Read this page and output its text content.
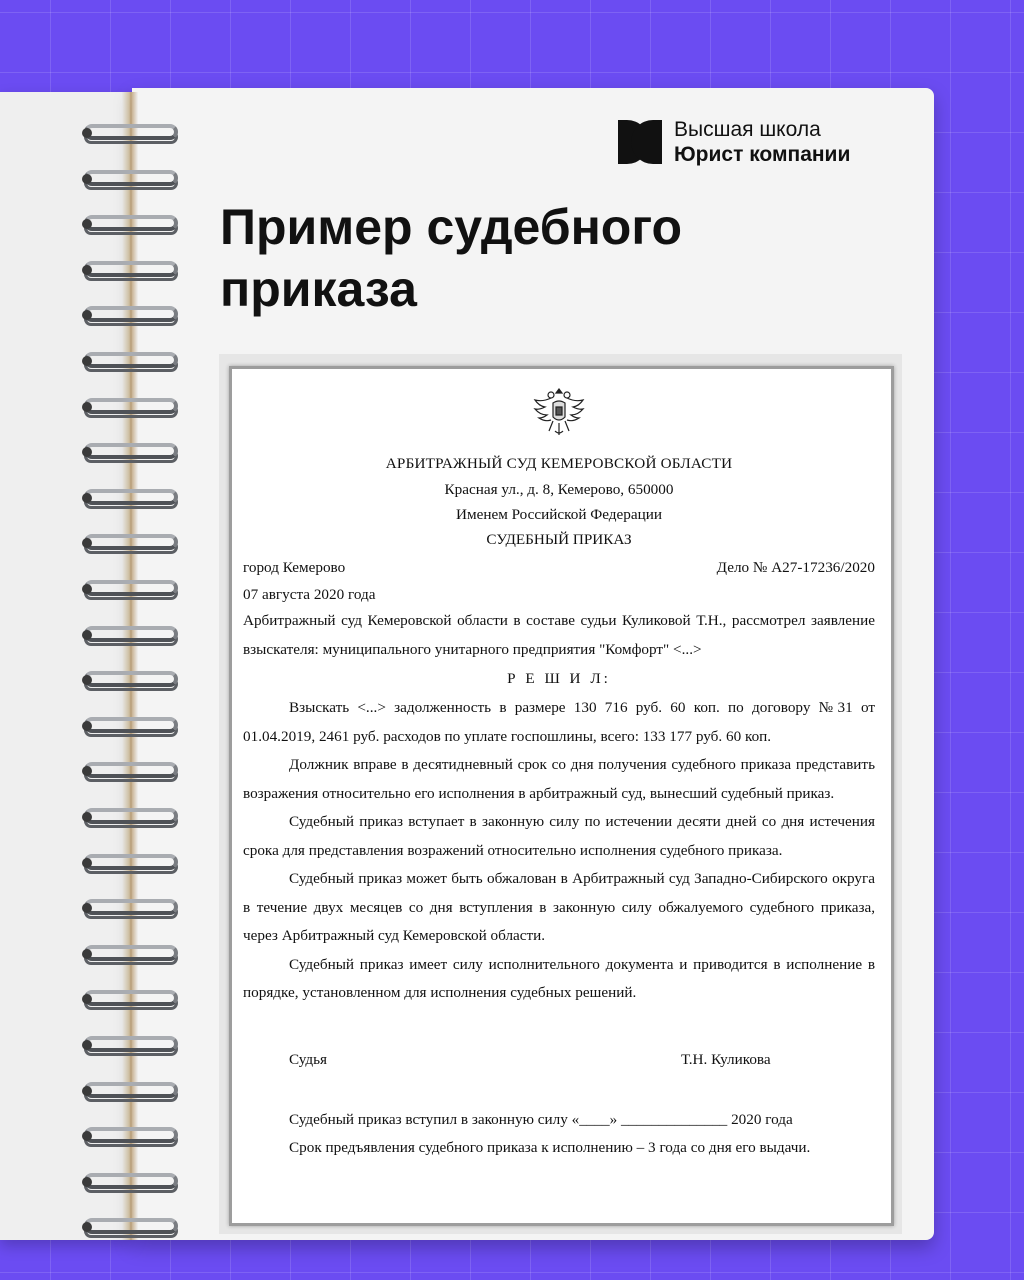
Высшая школа
Юрист компании
Пример судебного приказа
АРБИТРАЖНЫЙ СУД КЕМЕРОВСКОЙ ОБЛАСТИ
Красная ул., д. 8, Кемерово, 650000
Именем Российской Федерации
СУДЕБНЫЙ ПРИКАЗ
город Кемерово	Дело № А27-17236/2020
07 августа 2020 года
Арбитражный суд Кемеровской области в составе судьи Куликовой Т.Н., рассмотрел заявление взыскателя: муниципального унитарного предприятия "Комфорт" <...>
Р Е Ш И Л:
Взыскать <...> задолженность в размере 130 716 руб. 60 коп. по договору №31 от 01.04.2019, 2461 руб. расходов по уплате госпошлины, всего: 133 177 руб. 60 коп.
Должник вправе в десятидневный срок со дня получения судебного приказа представить возражения относительно его исполнения в арбитражный суд, вынесший судебный приказ.
Судебный приказ вступает в законную силу по истечении десяти дней со дня истечения срока для представления возражений относительно исполнения судебного приказа.
Судебный приказ может быть обжалован в Арбитражный суд Западно-Сибирского округа в течение двух месяцев со дня вступления в законную силу обжалуемого судебного приказа, через Арбитражный суд Кемеровской области.
Судебный приказ имеет силу исполнительного документа и приводится в исполнение в порядке, установленном для исполнения судебных решений.
Судья	Т.Н. Куликова
Судебный приказ вступил в законную силу «____» ______________ 2020 года
Срок предъявления судебного приказа к исполнению – 3 года со дня его выдачи.
